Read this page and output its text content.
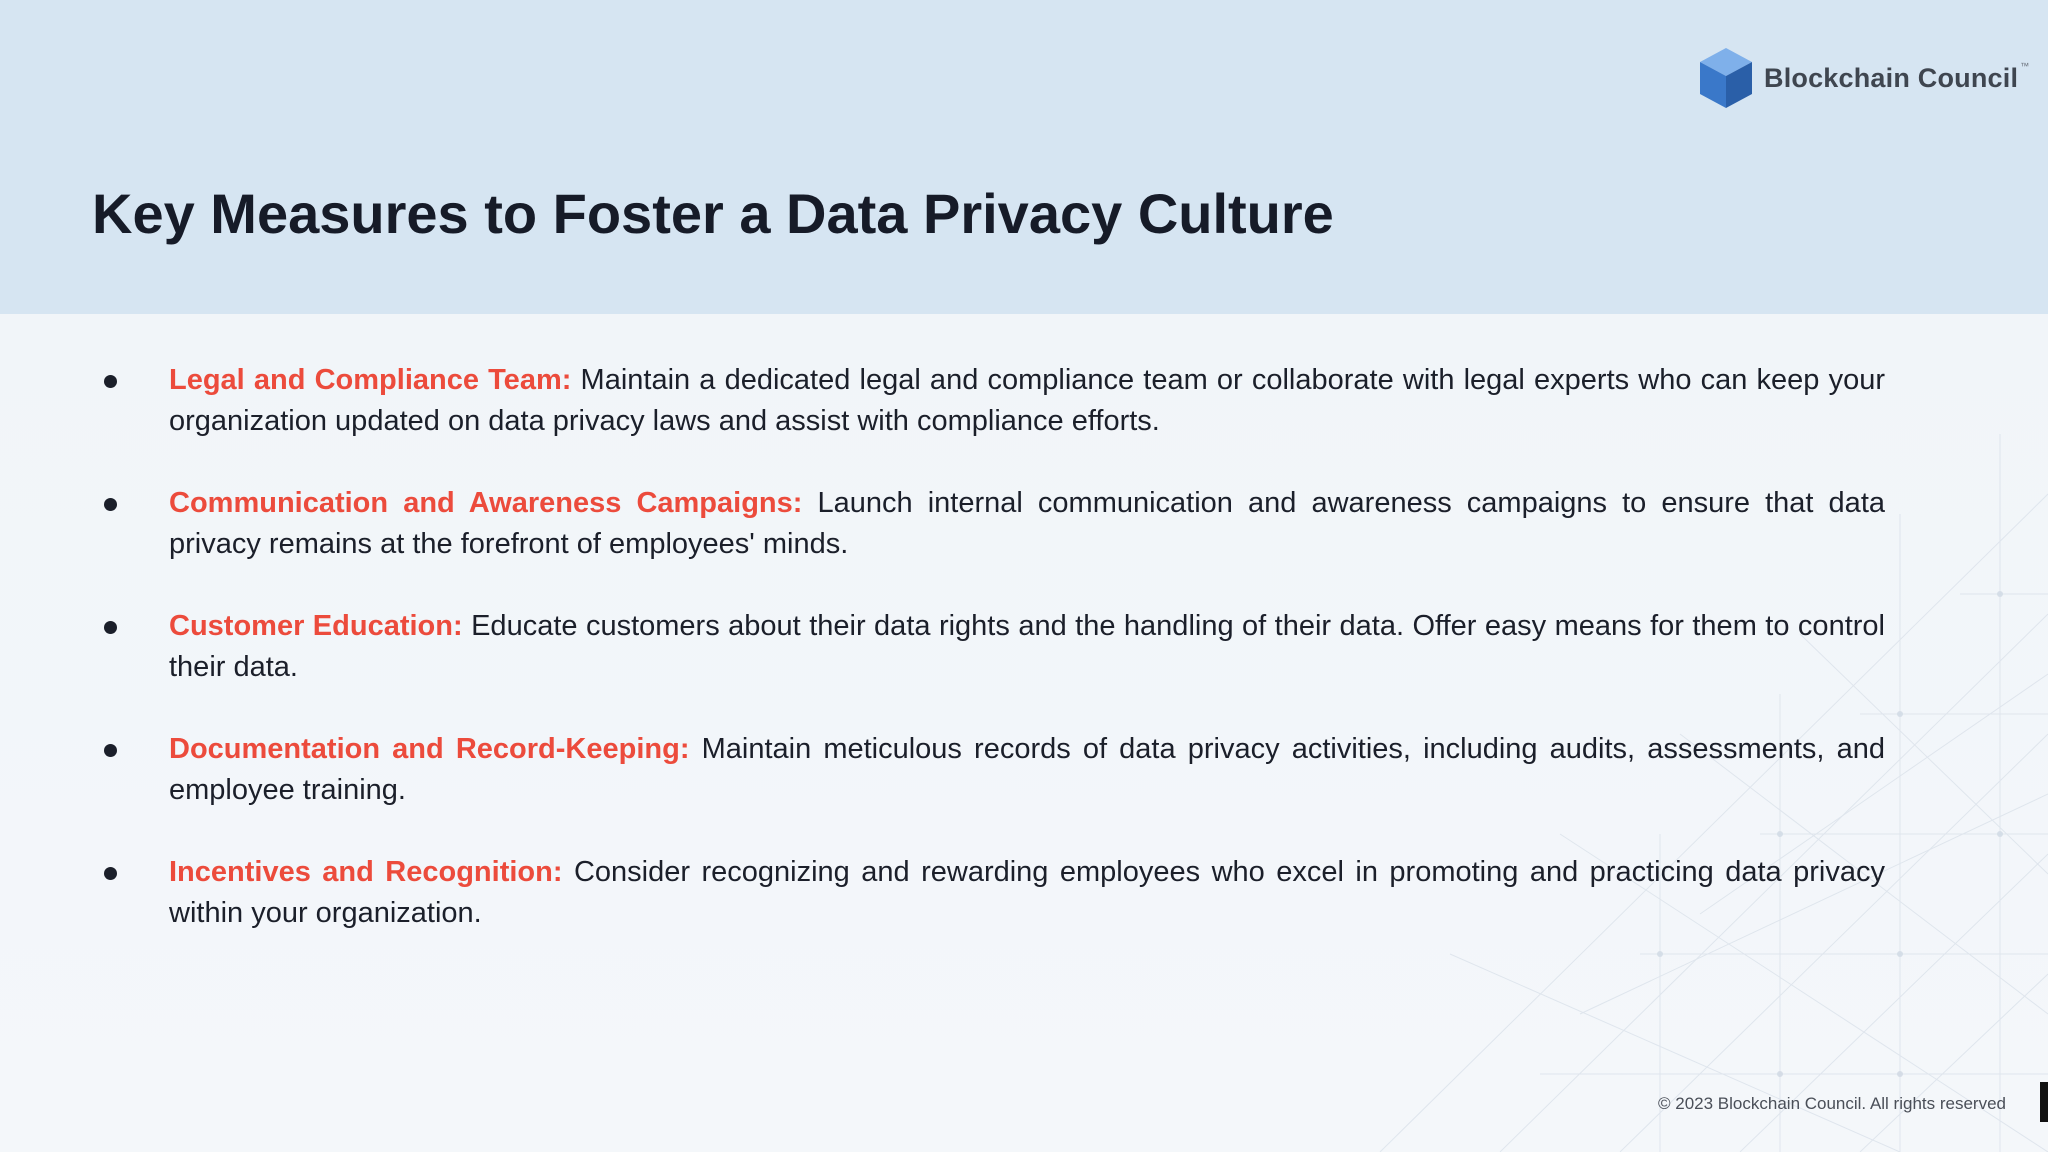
Blockchain Council ™
Key Measures to Foster a Data Privacy Culture
Legal and Compliance Team: Maintain a dedicated legal and compliance team or collaborate with legal experts who can keep your organization updated on data privacy laws and assist with compliance efforts.
Communication and Awareness Campaigns: Launch internal communication and awareness campaigns to ensure that data privacy remains at the forefront of employees' minds.
Customer Education: Educate customers about their data rights and the handling of their data. Offer easy means for them to control their data.
Documentation and Record-Keeping: Maintain meticulous records of data privacy activities, including audits, assessments, and employee training.
Incentives and Recognition: Consider recognizing and rewarding employees who excel in promoting and practicing data privacy within your organization.
© 2023 Blockchain Council. All rights reserved
